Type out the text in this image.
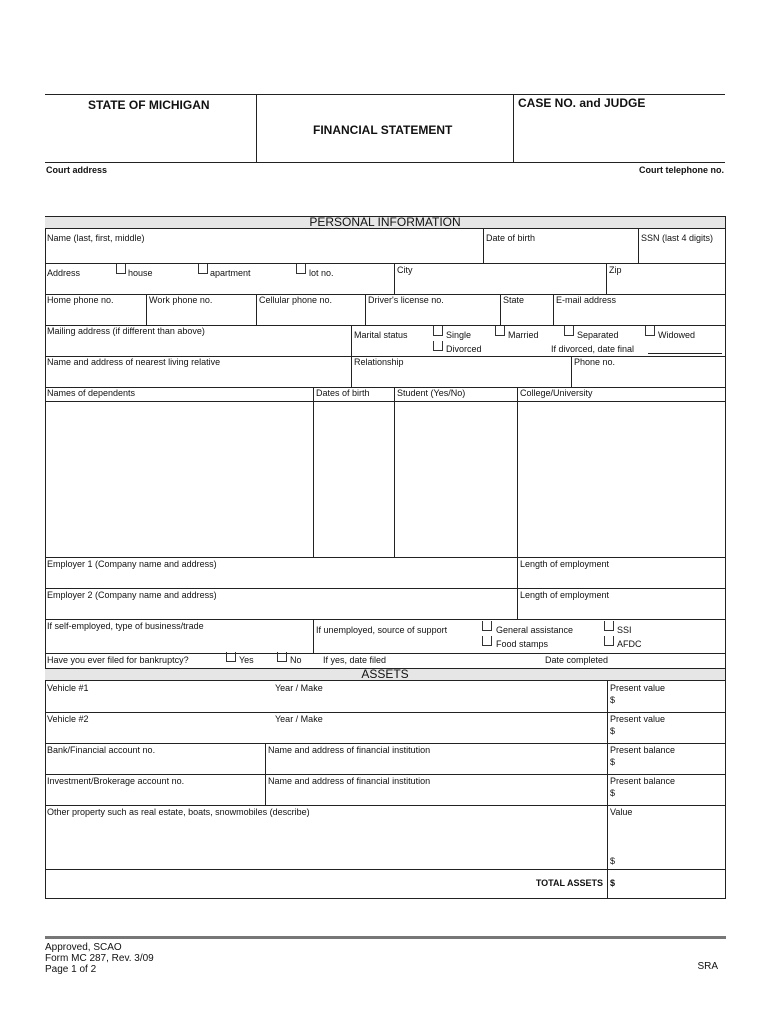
STATE OF MICHIGAN
FINANCIAL STATEMENT
CASE NO. and JUDGE
Court address	Court telephone no.
PERSONAL INFORMATION
Name (last, first, middle)	Date of birth	SSN (last 4 digits)
Address	house	apartment	lot no.	City	Zip
Home phone no.	Work phone no.	Cellular phone no.	Driver's license no.	State	E-mail address
Mailing address (if different than above)	Marital status	Single	Married	Separated	Widowed
Divorced	If divorced, date final
Name and address of nearest living relative	Relationship	Phone no.
Names of dependents	Dates of birth	Student (Yes/No)	College/University
Employer 1 (Company name and address)	Length of employment
Employer 2 (Company name and address)	Length of employment
If self-employed, type of business/trade	If unemployed, source of support	General assistance	SSI
Food stamps	AFDC
Have you ever filed for bankruptcy?	Yes	No If yes, date filed	Date completed
ASSETS
Vehicle #1	Year / Make	Present value
$
Vehicle #2	Year / Make	Present value
$
Bank/Financial account no.	Name and address of financial institution	Present balance
$
Investment/Brokerage account no.	Name and address of financial institution	Present balance
$
Other property such as real estate, boats, snowmobiles (describe)	Value
$
TOTAL ASSETS $
Approved, SCAO
Form MC 287, Rev. 3/09
Page 1 of 2	SRA
